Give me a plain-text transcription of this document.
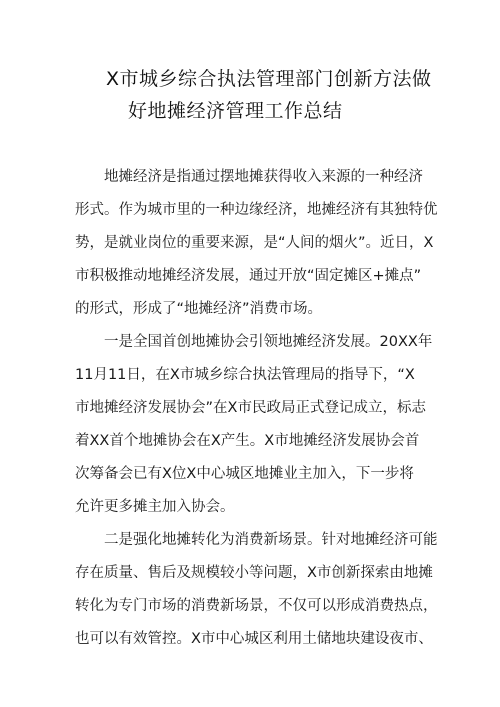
X市城乡综合执法管理部门创新方法做
好地摊经济管理工作总结
地摊经济是指通过摆地摊获得收入来源的一种经济
形式。作为城市里的一种边缘经济，地摊经济有其独特优
势，是就业岗位的重要来源，是“人间的烟火”。近日，X
市积极推动地摊经济发展，通过开放“固定摊区+摊点”
的形式，形成了“地摊经济”消费市场。
一是全国首创地摊协会引领地摊经济发展。20XX年
11月11日，在X市城乡综合执法管理局的指导下，“X
市地摊经济发展协会”在X市民政局正式登记成立，标志
着XX首个地摊协会在X产生。X市地摊经济发展协会首
次筹备会已有X位X中心城区地摊业主加入，下一步将
允许更多摊主加入协会。
二是强化地摊转化为消费新场景。针对地摊经济可能
存在质量、售后及规模较小等问题，X市创新探索由地摊
转化为专门市场的消费新场景，不仅可以形成消费热点，
也可以有效管控。X市中心城区利用土储地块建设夜市、
